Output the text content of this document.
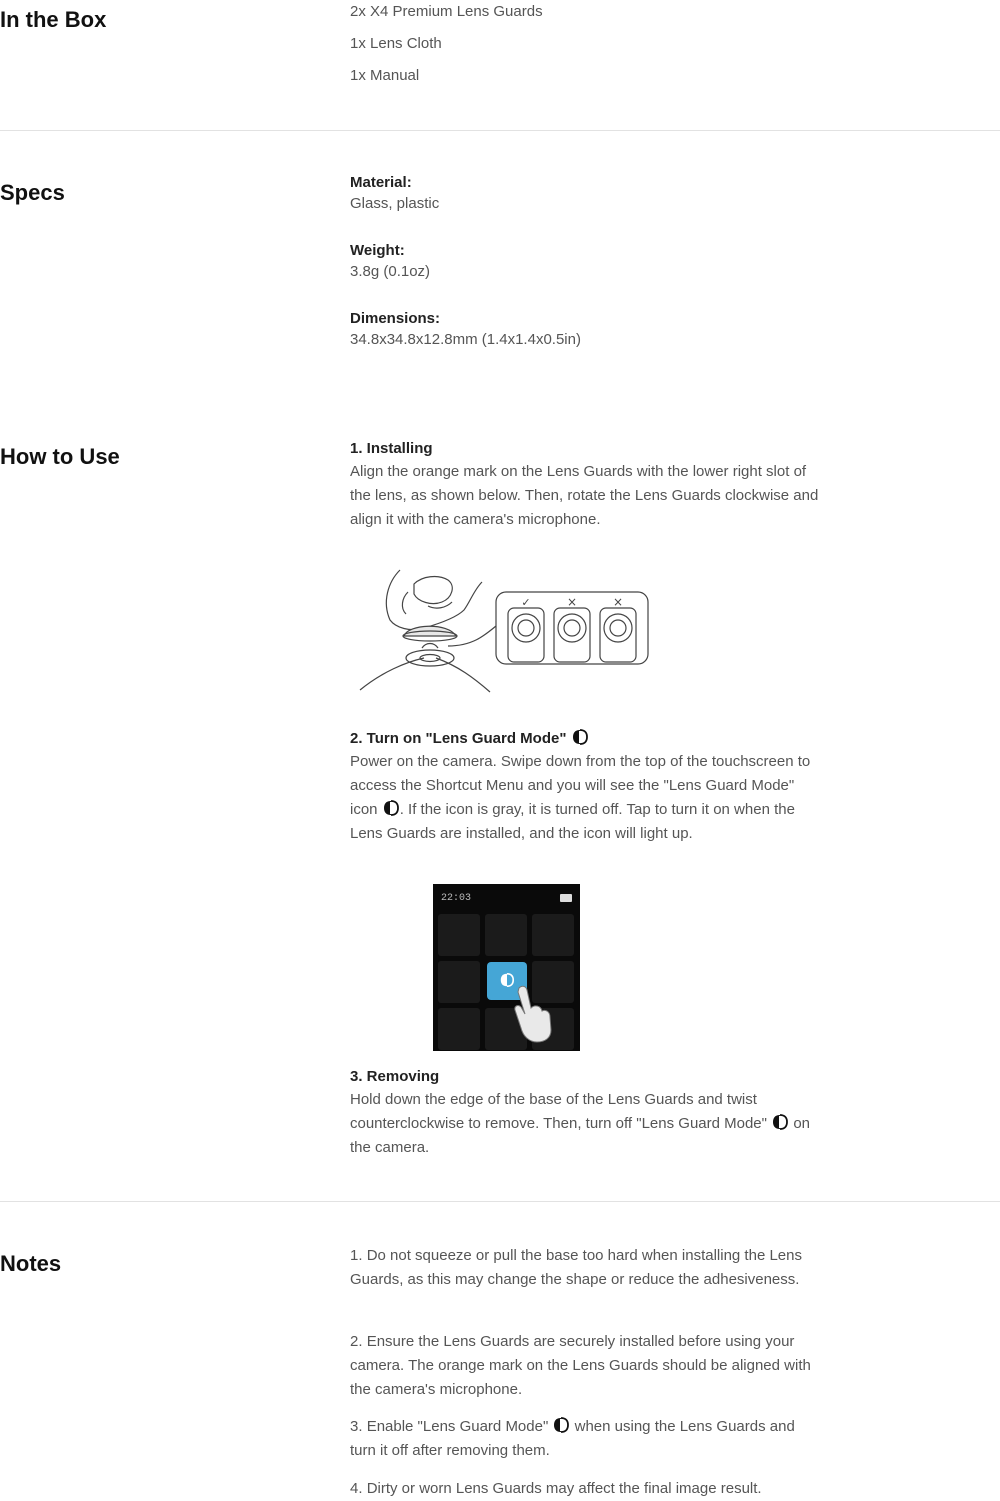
In the Box	2x X4 Premium Lens Guards
1x Lens Cloth
1x Manual
Specs	Material:
Glass, plastic
Weight:
3.8g (0.1oz)
Dimensions:
34.8x34.8x12.8mm (1.4x1.4x0.5in)
How to Use	1. Installing
Align the orange mark on the Lens Guards with the lower right slot of the lens, as shown below. Then, rotate the Lens Guards clockwise and align it with the camera's microphone.
✓	×	×
2. Turn on "Lens Guard Mode"
Power on the camera. Swipe down from the top of the touchscreen to access the Shortcut Menu and you will see the "Lens Guard Mode" icon . If the icon is gray, it is turned off. Tap to turn it on when the Lens Guards are installed, and the icon will light up.
22:03
3. Removing
Hold down the edge of the base of the Lens Guards and twist counterclockwise to remove. Then, turn off "Lens Guard Mode"  on the camera.
Notes	1. Do not squeeze or pull the base too hard when installing the Lens Guards, as this may change the shape or reduce the adhesiveness.
2. Ensure the Lens Guards are securely installed before using your camera. The orange mark on the Lens Guards should be aligned with the camera's microphone.
3. Enable "Lens Guard Mode"  when using the Lens Guards and turn it off after removing them.
4. Dirty or worn Lens Guards may affect the final image result.
